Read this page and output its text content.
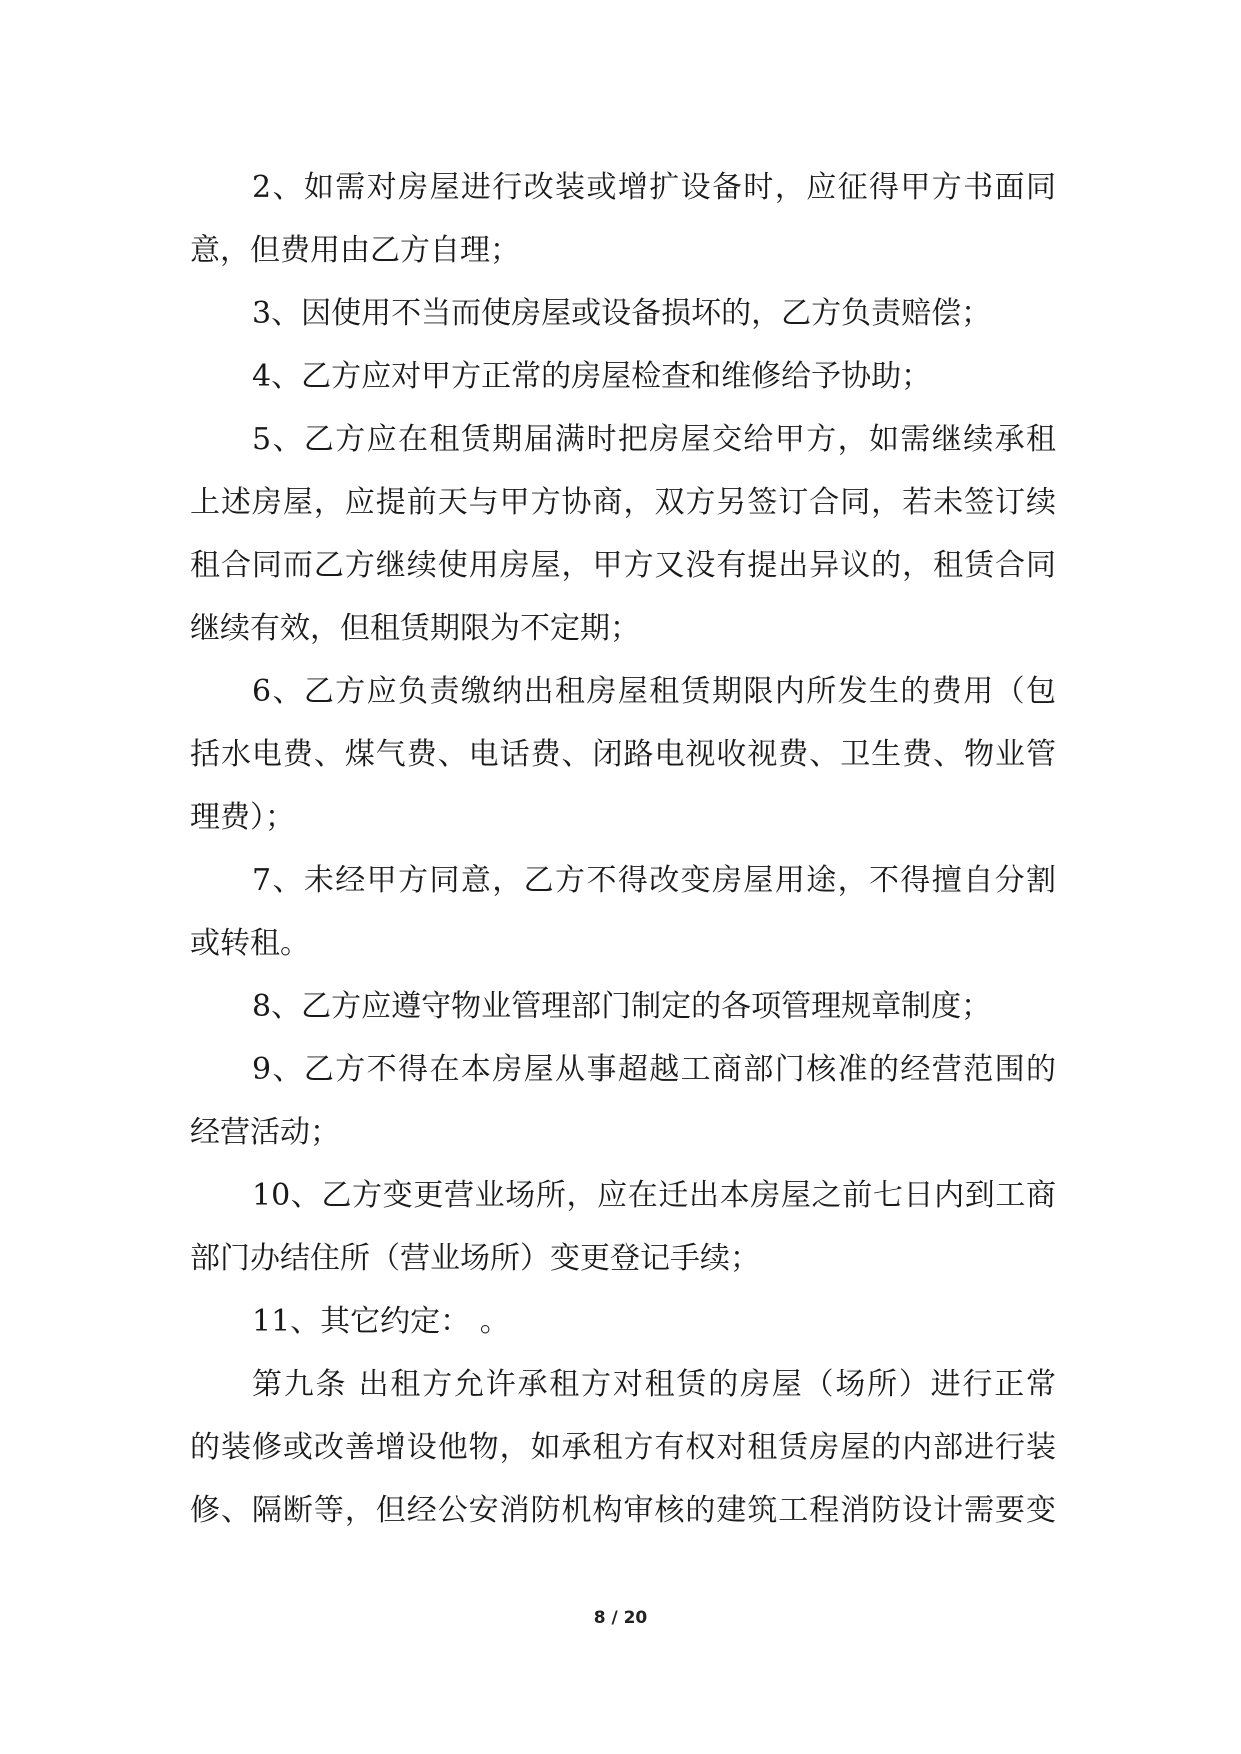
2、如需对房屋进行改装或增扩设备时，应征得甲方书面同
意，但费用由乙方自理；
3、因使用不当而使房屋或设备损坏的，乙方负责赔偿；
4、乙方应对甲方正常的房屋检查和维修给予协助；
5、乙方应在租赁期届满时把房屋交给甲方，如需继续承租
上述房屋，应提前天与甲方协商，双方另签订合同，若未签订续
租合同而乙方继续使用房屋，甲方又没有提出异议的，租赁合同
继续有效，但租赁期限为不定期；
6、乙方应负责缴纳出租房屋租赁期限内所发生的费用（包
括水电费、煤气费、电话费、闭路电视收视费、卫生费、物业管
理费）；
7、未经甲方同意，乙方不得改变房屋用途，不得擅自分割
或转租。
8、乙方应遵守物业管理部门制定的各项管理规章制度；
9、乙方不得在本房屋从事超越工商部门核准的经营范围的
经营活动；
10、乙方变更营业场所，应在迁出本房屋之前七日内到工商
部门办结住所（营业场所）变更登记手续；
11、其它约定： 。
第九条 出租方允许承租方对租赁的房屋（场所）进行正常
的装修或改善增设他物，如承租方有权对租赁房屋的内部进行装
修、隔断等，但经公安消防机构审核的建筑工程消防设计需要变
8 / 20
